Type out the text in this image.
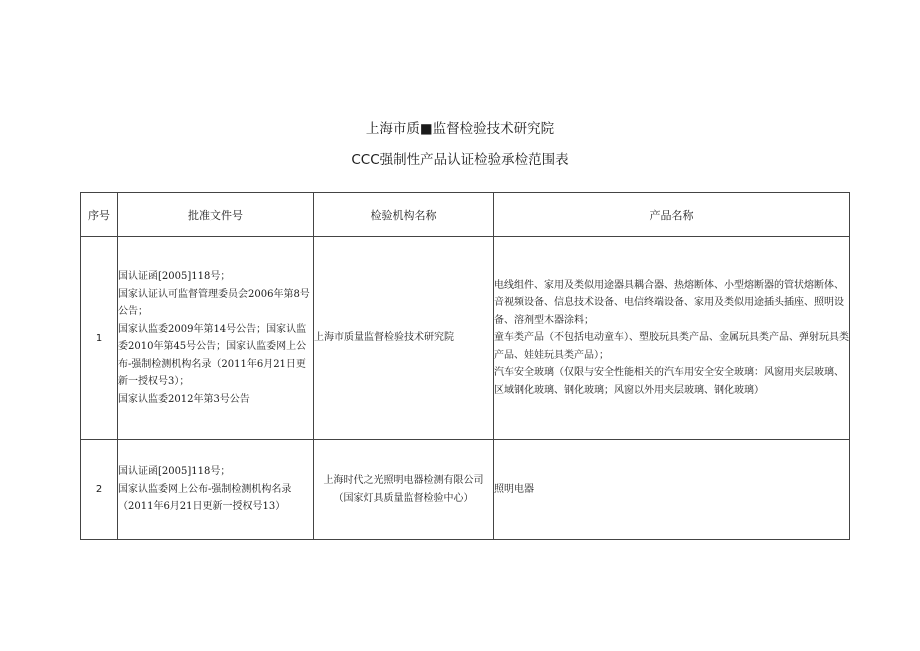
上海市质■监督检验技术研究院
CCC强制性产品认证检验承检范围表
序号	批准文件号	检验机构名称	产品名称
1	国认证函[2005]118号；
国家认证认可监督管理委员会2006年第8号公告；
国家认监委2009年第14号公告；国家认监委2010年第45号公告；国家认监委网上公布-强制检测机构名录（2011年6月21日更新一授权号3）；
国家认监委2012年第3号公告	上海市质量监督检验技术研究院	电线组件、家用及类似用途器具耦合器、热熔断体、小型熔断器的管状熔断体、音视频设备、信息技术设备、电信终端设备、家用及类似用途插头插座、照明设备、溶剂型木器涂料；
童车类产品（不包括电动童车）、塑胶玩具类产品、金属玩具类产品、弹射玩具类产品、娃娃玩具类产品）；
汽车安全玻璃（仅限与安全性能相关的汽车用安全安全玻璃：风窗用夹层玻璃、区域钢化玻璃、钢化玻璃；风窗以外用夹层玻璃、钢化玻璃）

2	国认证函[2005]118号；
国家认监委网上公布-强制检测机构名录（2011年6月21日更新一授权号13）	上海时代之光照明电器检测有限公司
（国家灯具质量监督检验中心）	照明电器
